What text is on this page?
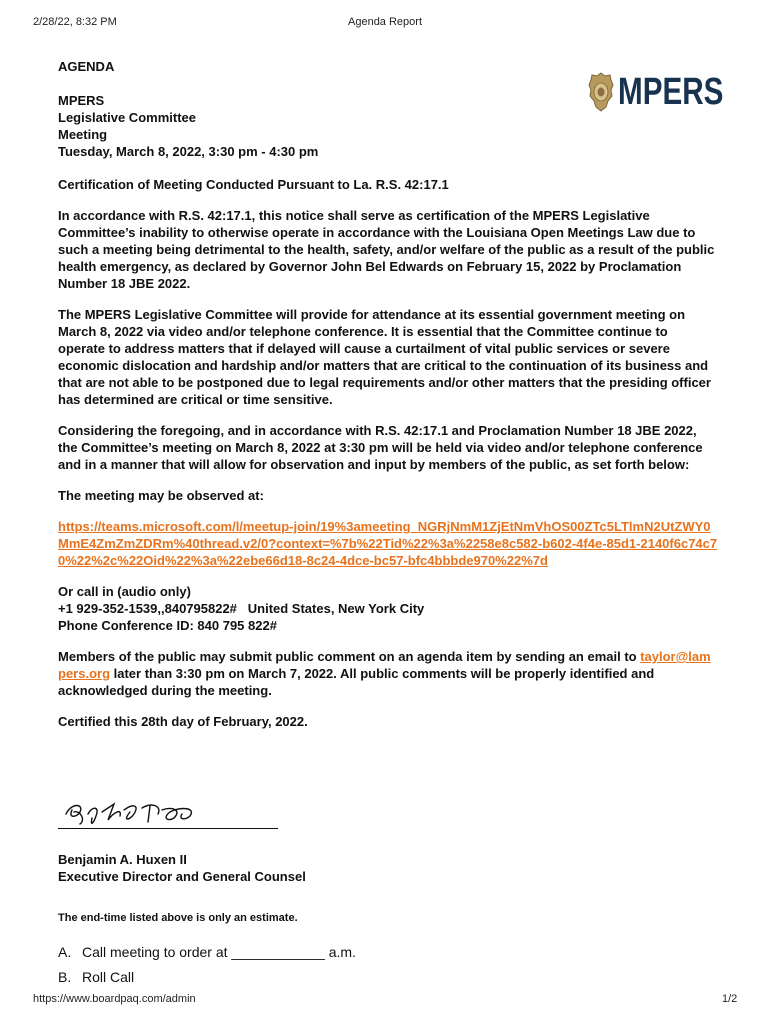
2/28/22, 8:32 PM	Agenda Report
MPERS

AGENDA

MPERS

Legislative Committee

Meeting

Tuesday, March 8, 2022, 3:30 pm - 4:30 pm

Certification of Meeting Conducted Pursuant to La. R.S. 42:17.1

In accordance with R.S. 42:17.1, this notice shall serve as certification of the MPERS Legislative Committee’s inability to otherwise operate in accordance with the Louisiana Open Meetings Law due to such a meeting being detrimental to the health, safety, and/or welfare of the public as a result of the public health emergency, as declared by Governor John Bel Edwards on February 15, 2022 by Proclamation Number 18 JBE 2022.

The MPERS Legislative Committee will provide for attendance at its essential government meeting on March 8, 2022 via video and/or telephone conference. It is essential that the Committee continue to operate to address matters that if delayed will cause a curtailment of vital public services or severe economic dislocation and hardship and/or matters that are critical to the continuation of its business and that are not able to be postponed due to legal requirements and/or other matters that the presiding officer has determined are critical or time sensitive.

Considering the foregoing, and in accordance with R.S. 42:17.1 and Proclamation Number 18 JBE 2022, the Committee’s meeting on March 8, 2022 at 3:30 pm will be held via video and/or telephone conference and in a manner that will allow for observation and input by members of the public, as set forth below:

The meeting may be observed at:

https://teams.microsoft.com/l/meetup-join/19%3ameeting_NGRjNmM1ZjEtNmVhOS00ZTc5LTlmN2UtZWY0MmE4ZmZmZDRm%40thread.v2/0?context=%7b%22Tid%22%3a%2258e8c582-b602-4f4e-85d1-2140f6c74c70%22%2c%22Oid%22%3a%22ebe66d18-8c24-4dce-bc57-bfc4bbbde970%22%7d

Or call in (audio only)

+1 929-352-1539,,840795822#   United States, New York City

Phone Conference ID: 840 795 822#

Members of the public may submit public comment on an agenda item by sending an email to taylor@lampers.org later than 3:30 pm on March 7, 2022. All public comments will be properly identified and acknowledged during the meeting.

Certified this 28th day of February, 2022.

Benjamin A. Huxen II
Executive Director and General Counsel
The end-time listed above is only an estimate.
A. Call meeting to order at ____________ a.m.
B. Roll Call
https://www.boardpaq.com/admin	1/2
